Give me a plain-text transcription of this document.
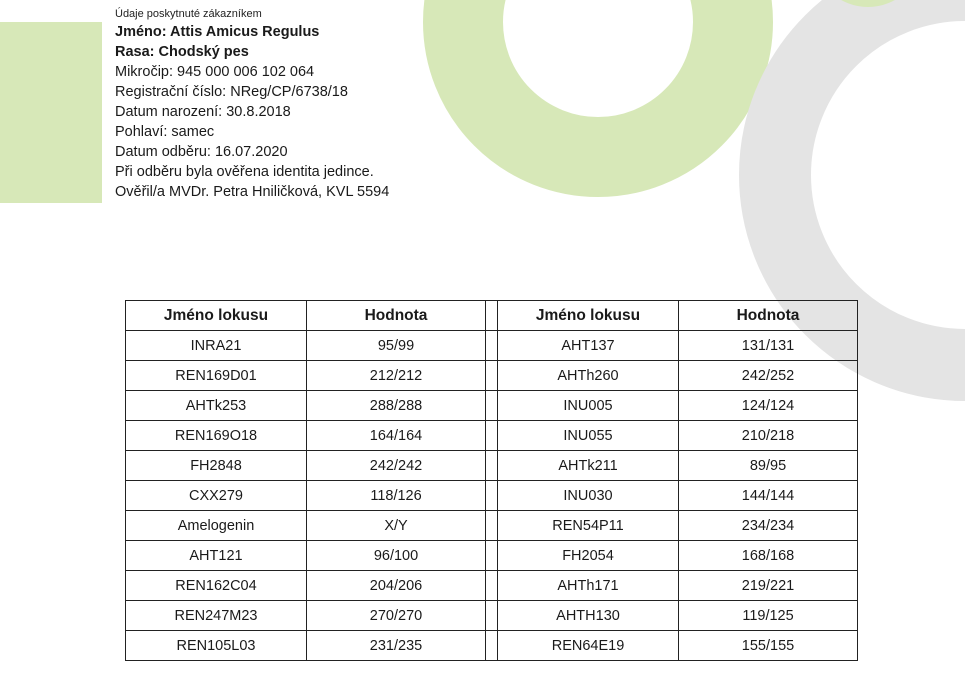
Údaje poskytnuté zákazníkem
Jméno: Attis Amicus Regulus
Rasa: Chodský pes
Mikročip: 945 000 006 102 064
Registrační číslo: NReg/CP/6738/18
Datum narození: 30.8.2018
Pohlaví: samec
Datum odběru: 16.07.2020
Při odběru byla ověřena identita jedince.
Ověřil/a MVDr. Petra Hniličková, KVL 5594
Jméno lokusu	Hodnota		Jméno lokusu	Hodnota
INRA21	95/99		AHT137	131/131
REN169D01	212/212		AHTh260	242/252
AHTk253	288/288		INU005	124/124
REN169O18	164/164		INU055	210/218
FH2848	242/242		AHTk211	89/95
CXX279	118/126		INU030	144/144
Amelogenin	X/Y		REN54P11	234/234
AHT121	96/100		FH2054	168/168
REN162C04	204/206		AHTh171	219/221
REN247M23	270/270		AHTH130	119/125
REN105L03	231/235		REN64E19	155/155
